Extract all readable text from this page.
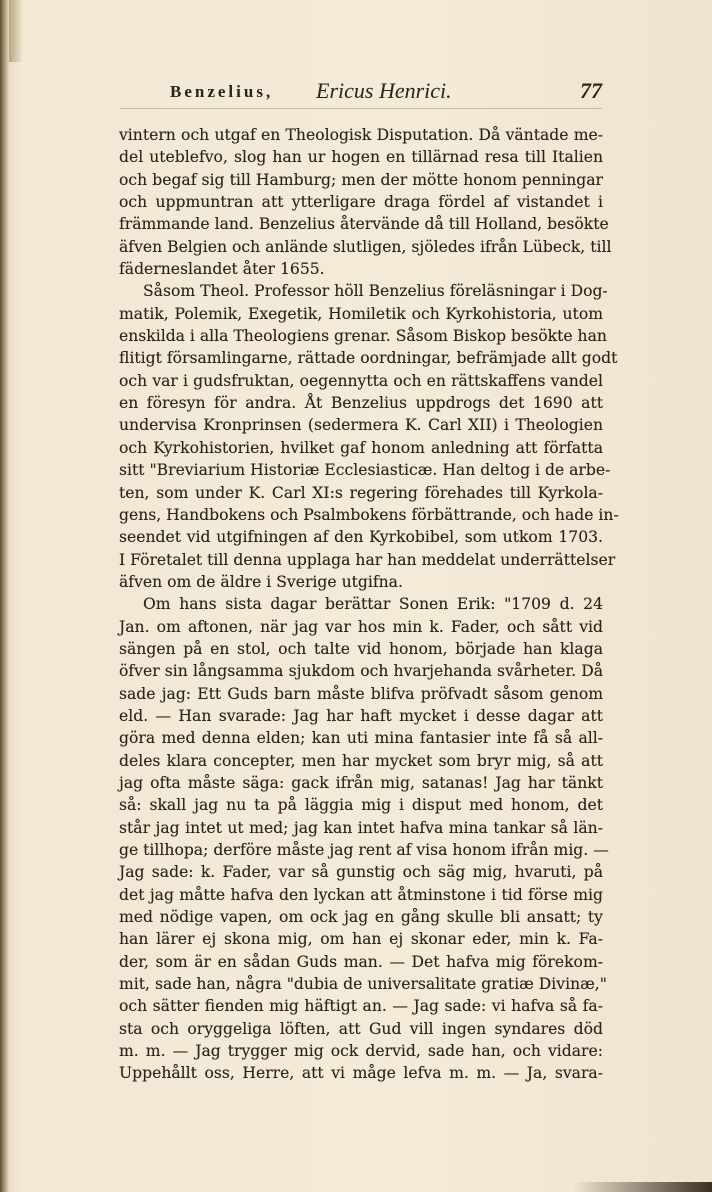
Benzelius, Ericus Henrici.	77
vintern och utgaf en Theologisk Disputation. Då väntade me-
del uteblefvo, slog han ur hogen en tillärnad resa till Italien
och begaf sig till Hamburg; men der mötte honom penningar
och uppmuntran att ytterligare draga fördel af vistandet i
främmande land. Benzelius återvände då till Holland, besökte
äfven Belgien och anlände slutligen, sjöledes ifrån Lübeck, till
fäderneslandet åter 1655.
Såsom Theol. Professor höll Benzelius föreläsningar i Dog-
matik, Polemik, Exegetik, Homiletik och Kyrkohistoria, utom
enskilda i alla Theologiens grenar. Såsom Biskop besökte han
flitigt församlingarne, rättade oordningar, befrämjade allt godt
och var i gudsfruktan, oegennytta och en rättskaffens vandel
en föresyn för andra. Åt Benzelius uppdrogs det 1690 att
undervisa Kronprinsen (sedermera K. Carl XII) i Theologien
och Kyrkohistorien, hvilket gaf honom anledning att författa
sitt "Breviarium Historiæ Ecclesiasticæ. Han deltog i de arbe-
ten, som under K. Carl XI:s regering förehades till Kyrkola-
gens, Handbokens och Psalmbokens förbättrande, och hade in-
seendet vid utgifningen af den Kyrkobibel, som utkom 1703.
I Företalet till denna upplaga har han meddelat underrättelser
äfven om de äldre i Sverige utgifna.
Om hans sista dagar berättar Sonen Erik: "1709 d. 24
Jan. om aftonen, när jag var hos min k. Fader, och sått vid
sängen på en stol, och talte vid honom, började han klaga
öfver sin långsamma sjukdom och hvarjehanda svårheter. Då
sade jag: Ett Guds barn måste blifva pröfvadt såsom genom
eld. — Han svarade: Jag har haft mycket i desse dagar att
göra med denna elden; kan uti mina fantasier inte få så all-
deles klara concepter, men har mycket som bryr mig, så att
jag ofta måste säga: gack ifrån mig, satanas! Jag har tänkt
så: skall jag nu ta på läggia mig i disput med honom, det
står jag intet ut med; jag kan intet hafva mina tankar så län-
ge tillhopa; derföre måste jag rent af visa honom ifrån mig. —
Jag sade: k. Fader, var så gunstig och säg mig, hvaruti, på
det jag måtte hafva den lyckan att åtminstone i tid förse mig
med nödige vapen, om ock jag en gång skulle bli ansatt; ty
han lärer ej skona mig, om han ej skonar eder, min k. Fa-
der, som är en sådan Guds man. — Det hafva mig förekom-
mit, sade han, några "dubia de universalitate gratiæ Divinæ,"
och sätter fienden mig häftigt an. — Jag sade: vi hafva så fa-
sta och oryggeliga löften, att Gud vill ingen syndares död
m. m. — Jag trygger mig ock dervid, sade han, och vidare:
Uppehållt oss, Herre, att vi måge lefva m. m. — Ja, svara-
